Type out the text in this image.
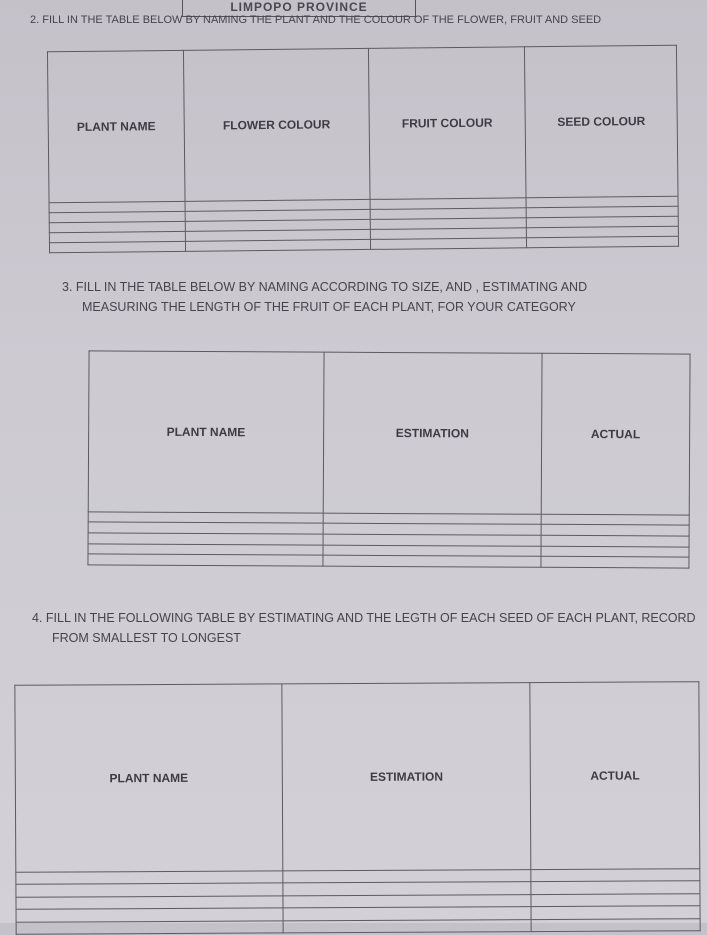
LIMPOPO PROVINCE
2. FILL IN THE TABLE BELOW BY NAMING THE PLANT AND THE COLOUR OF THE FLOWER, FRUIT AND SEED
PLANT NAME	FLOWER COLOUR	FRUIT COLOUR	SEED COLOUR

3. FILL IN THE TABLE BELOW BY NAMING ACCORDING TO SIZE, AND , ESTIMATING AND MEASURING THE LENGTH OF THE FRUIT OF EACH PLANT, FOR YOUR CATEGORY
PLANT NAME	ESTIMATION	ACTUAL

4. FILL IN THE FOLLOWING TABLE BY ESTIMATING AND THE LEGTH OF EACH SEED OF EACH PLANT, RECORD FROM SMALLEST TO LONGEST
PLANT NAME	ESTIMATION	ACTUAL
